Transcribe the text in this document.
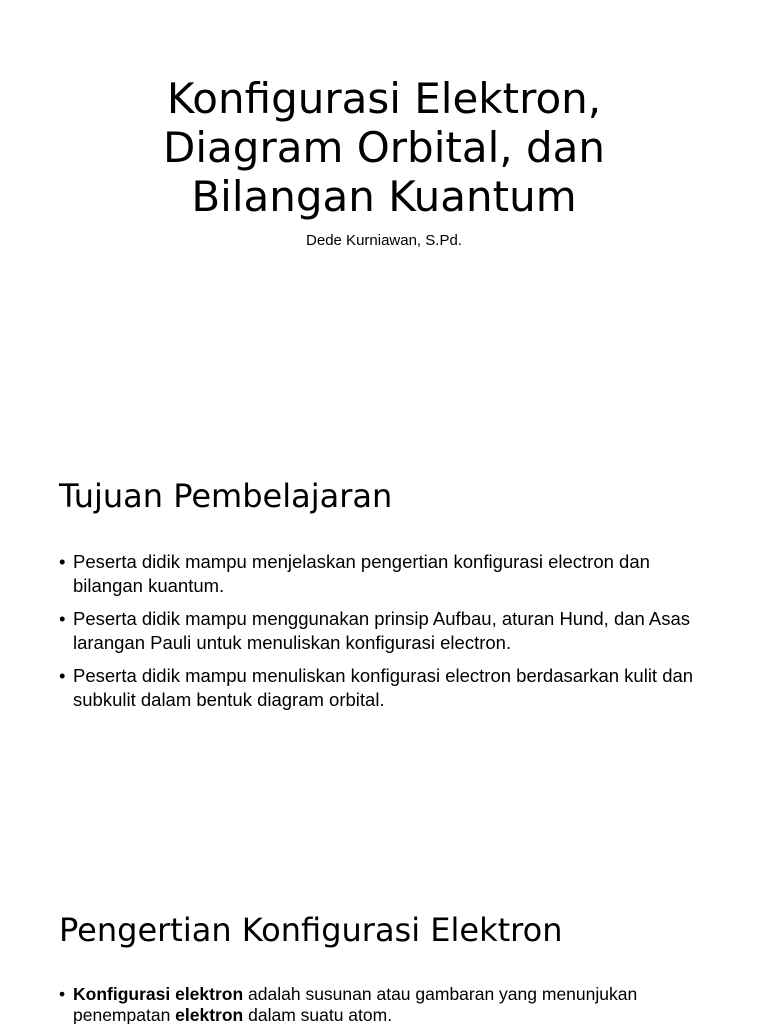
Konfigurasi Elektron,
Diagram Orbital, dan
Bilangan Kuantum
Dede Kurniawan, S.Pd.
Tujuan Pembelajaran
• Peserta didik mampu menjelaskan pengertian konfigurasi electron dan bilangan kuantum.
• Peserta didik mampu menggunakan prinsip Aufbau, aturan Hund, dan Asas larangan Pauli untuk menuliskan konfigurasi electron.
• Peserta didik mampu menuliskan konfigurasi electron berdasarkan kulit dan subkulit dalam bentuk diagram orbital.
Pengertian Konfigurasi Elektron
• Konfigurasi elektron adalah susunan atau gambaran yang menunjukan penempatan elektron dalam suatu atom.
